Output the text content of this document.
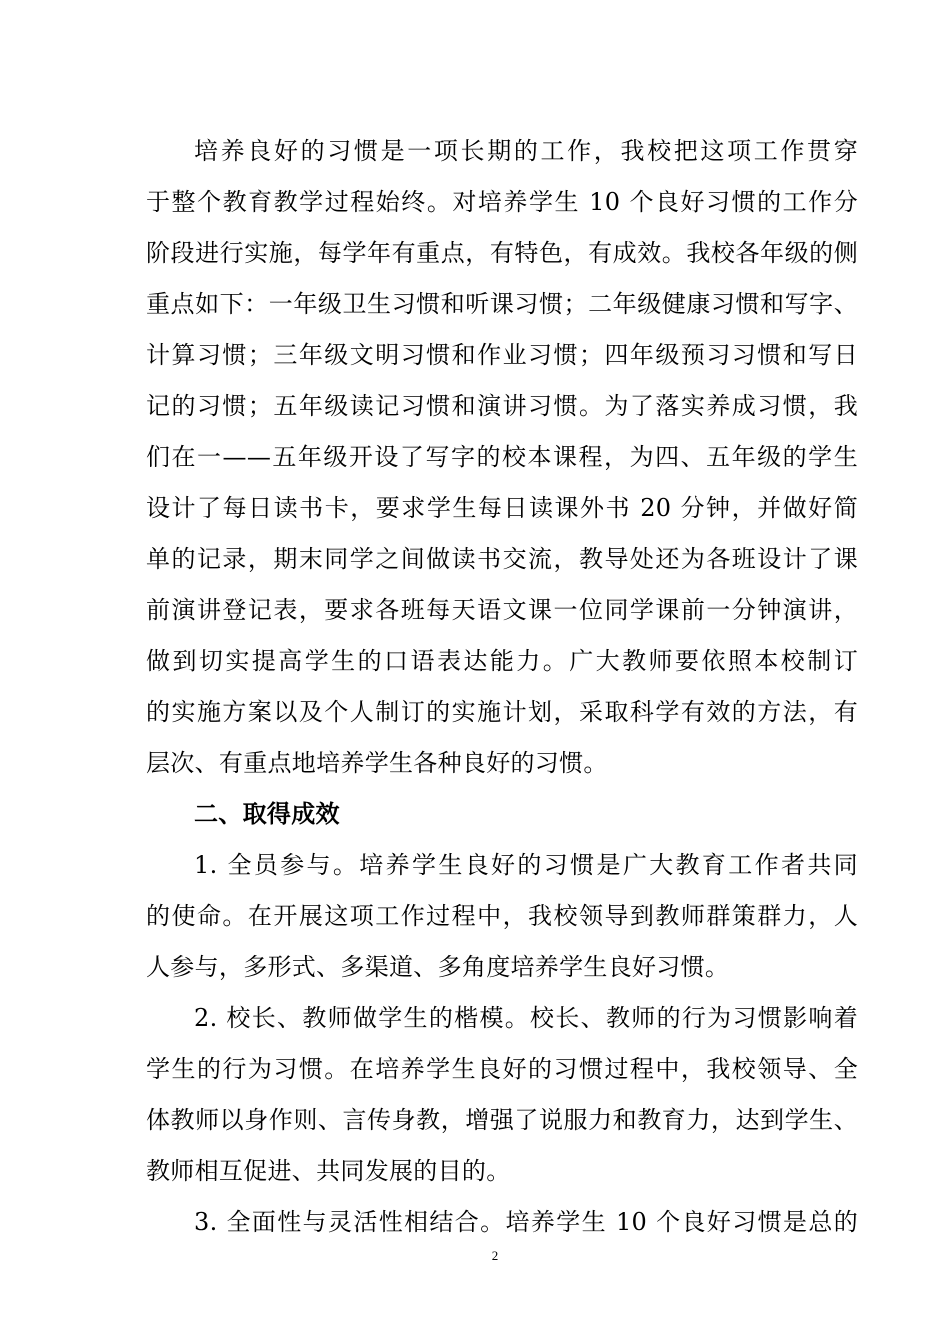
培养良好的习惯是一项长期的工作，我校把这项工作贯穿
于整个教育教学过程始终。对培养学生 10 个良好习惯的工作分
阶段进行实施，每学年有重点，有特色，有成效。我校各年级的侧
重点如下：一年级卫生习惯和听课习惯；二年级健康习惯和写字、
计算习惯；三年级文明习惯和作业习惯；四年级预习习惯和写日
记的习惯；五年级读记习惯和演讲习惯。为了落实养成习惯，我
们在一——五年级开设了写字的校本课程，为四、五年级的学生
设计了每日读书卡，要求学生每日读课外书 20 分钟，并做好简
单的记录，期末同学之间做读书交流，教导处还为各班设计了课
前演讲登记表，要求各班每天语文课一位同学课前一分钟演讲，
做到切实提高学生的口语表达能力。广大教师要依照本校制订
的实施方案以及个人制订的实施计划，采取科学有效的方法，有
层次、有重点地培养学生各种良好的习惯。
二、取得成效
1. 全员参与。培养学生良好的习惯是广大教育工作者共同
的使命。在开展这项工作过程中，我校领导到教师群策群力，人
人参与，多形式、多渠道、多角度培养学生良好习惯。
2. 校长、教师做学生的楷模。校长、教师的行为习惯影响着
学生的行为习惯。在培养学生良好的习惯过程中，我校领导、全
体教师以身作则、言传身教，增强了说服力和教育力，达到学生、
教师相互促进、共同发展的目的。
3. 全面性与灵活性相结合。培养学生 10 个良好习惯是总的
2
